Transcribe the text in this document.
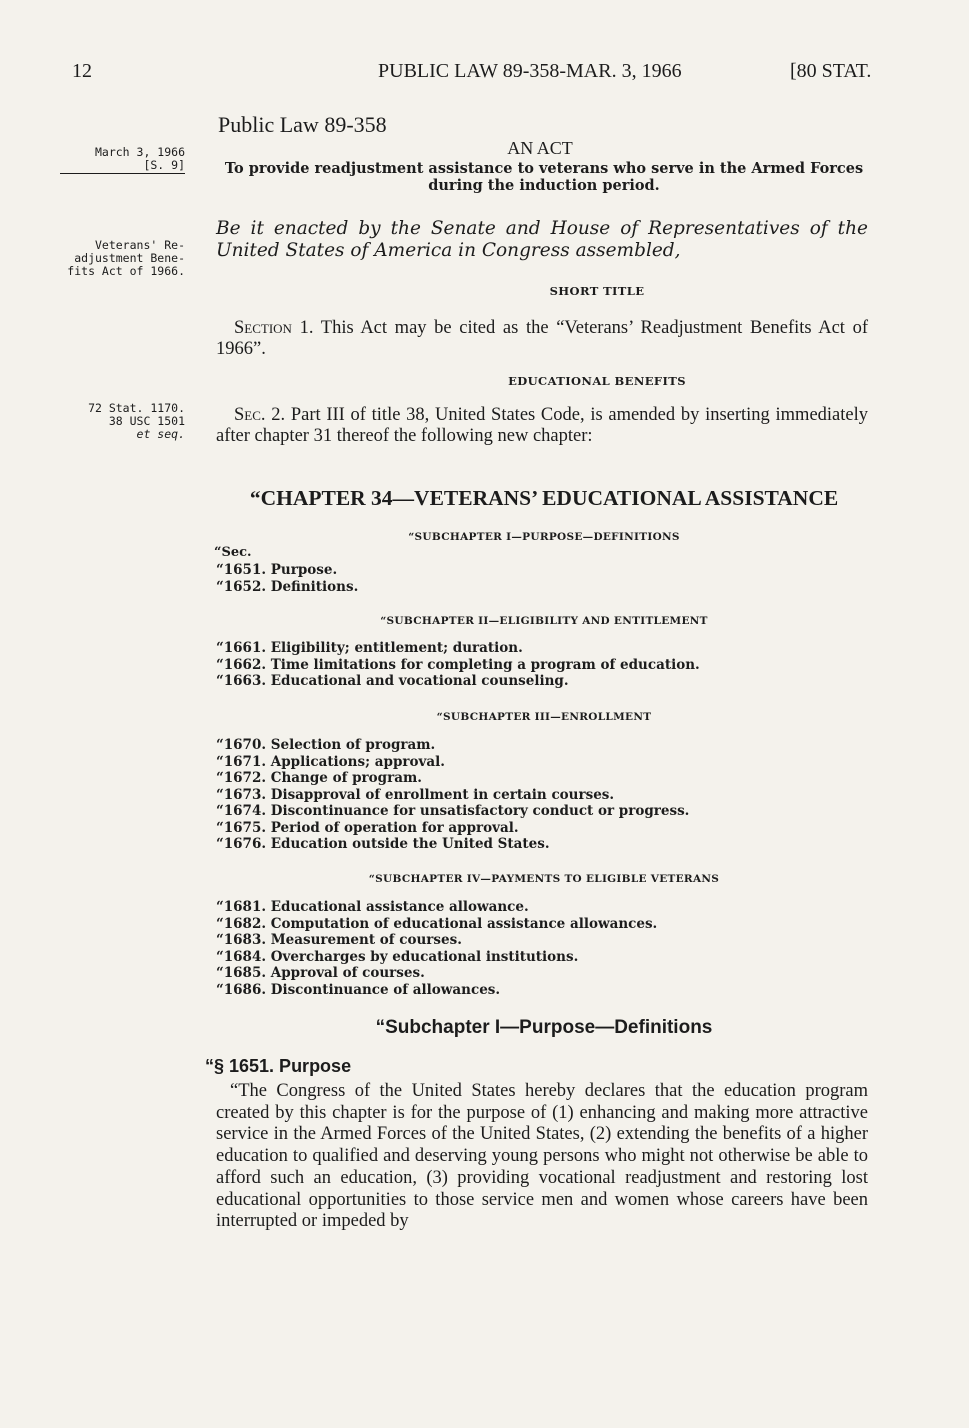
12	PUBLIC LAW 89-358-MAR. 3, 1966	[80 STAT.
March 3, 1966
[S. 9]
Veterans' Re-
adjustment Bene-
fits Act of 1966.
72 Stat. 1170.
38 USC 1501
et seq.
Public Law 89-358
AN ACT
To provide readjustment assistance to veterans who serve in the Armed Forces
during the induction period.
Be it enacted by the Senate and House of Representatives of the United States of America in Congress assembled,
SHORT TITLE
Section 1. This Act may be cited as the “Veterans’ Readjustment Benefits Act of 1966”.
EDUCATIONAL BENEFITS
Sec. 2. Part III of title 38, United States Code, is amended by inserting immediately after chapter 31 thereof the following new chapter:
“CHAPTER 34—VETERANS’ EDUCATIONAL ASSISTANCE
“SUBCHAPTER I—PURPOSE—DEFINITIONS
“Sec.
“1651. Purpose.
“1652. Definitions.
“SUBCHAPTER II—ELIGIBILITY AND ENTITLEMENT
“1661. Eligibility; entitlement; duration.
“1662. Time limitations for completing a program of education.
“1663. Educational and vocational counseling.
“SUBCHAPTER III—ENROLLMENT
“1670. Selection of program.
“1671. Applications; approval.
“1672. Change of program.
“1673. Disapproval of enrollment in certain courses.
“1674. Discontinuance for unsatisfactory conduct or progress.
“1675. Period of operation for approval.
“1676. Education outside the United States.
“SUBCHAPTER IV—PAYMENTS TO ELIGIBLE VETERANS
“1681. Educational assistance allowance.
“1682. Computation of educational assistance allowances.
“1683. Measurement of courses.
“1684. Overcharges by educational institutions.
“1685. Approval of courses.
“1686. Discontinuance of allowances.
“Subchapter I—Purpose—Definitions
“§ 1651. Purpose
“The Congress of the United States hereby declares that the education program created by this chapter is for the purpose of (1) enhancing and making more attractive service in the Armed Forces of the United States, (2) extending the benefits of a higher education to qualified and deserving young persons who might not otherwise be able to afford such an education, (3) providing vocational readjustment and restoring lost educational opportunities to those service men and women whose careers have been interrupted or impeded by
